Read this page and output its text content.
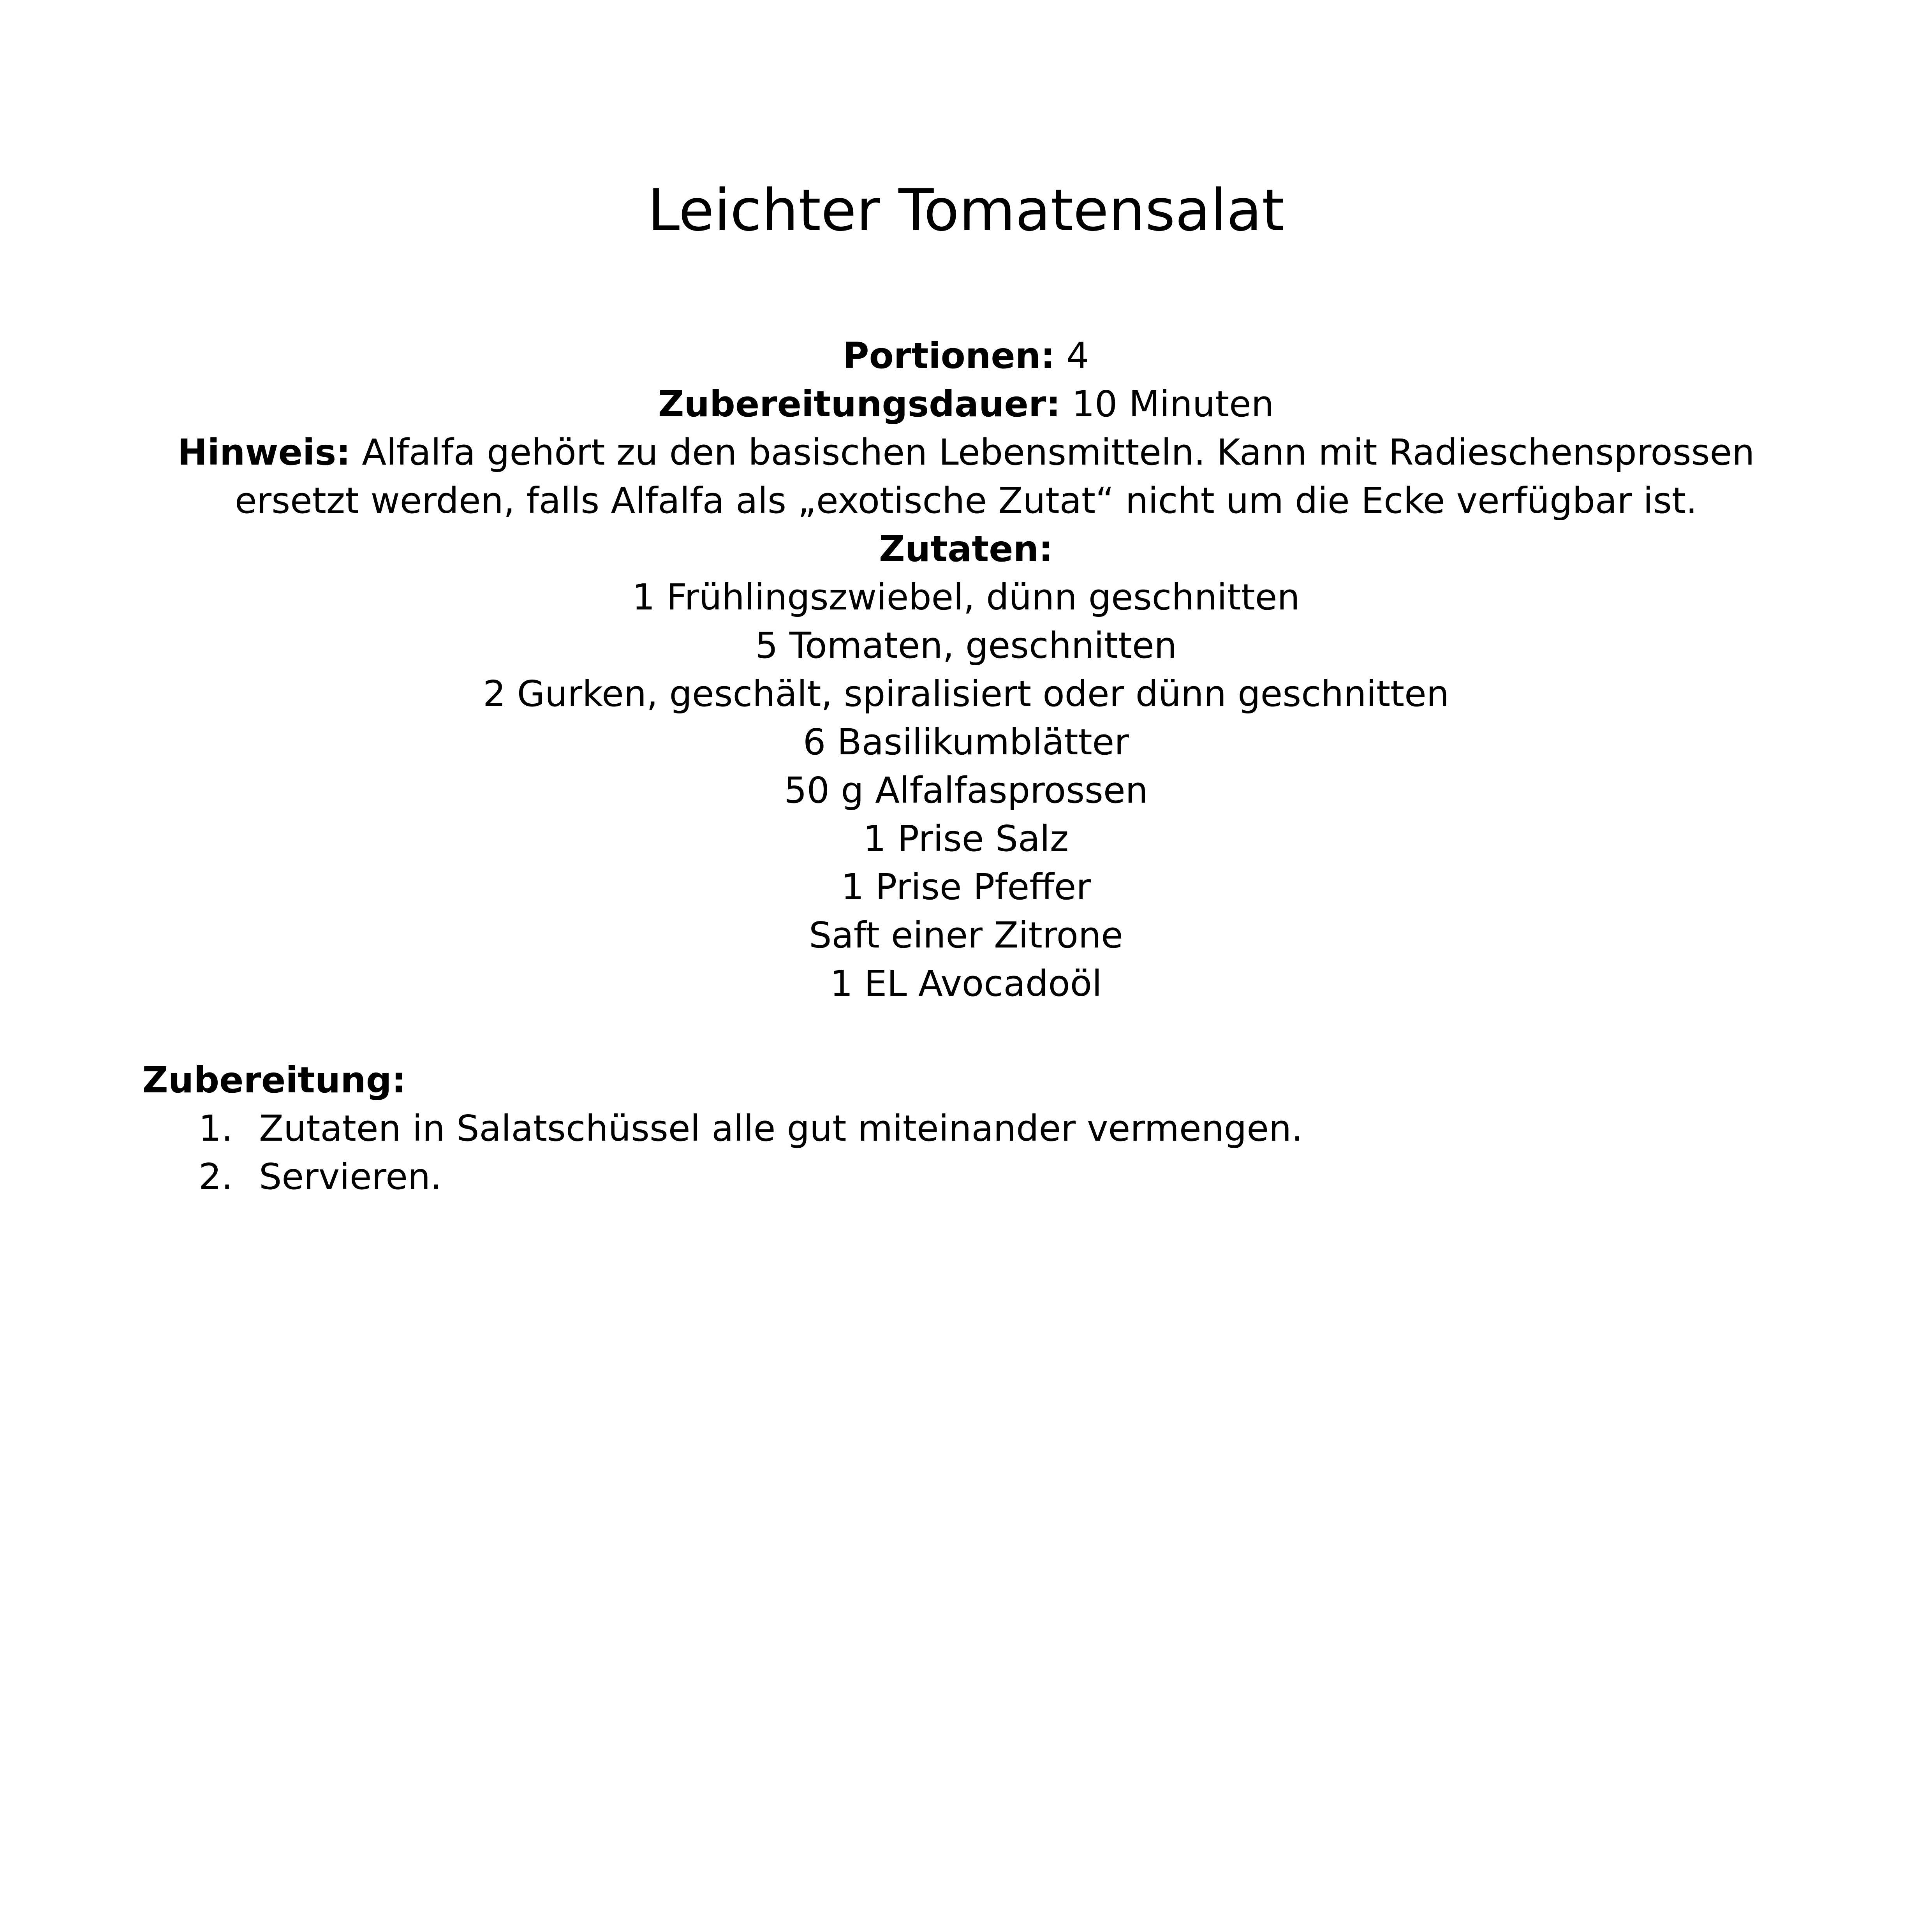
Leichter Tomatensalat

Portionen: 4

Zubereitungsdauer: 10 Minuten

Hinweis: Alfalfa gehört zu den basischen Lebensmitteln. Kann mit Radieschensprossen ersetzt werden, falls Alfalfa als „exotische Zutat“ nicht um die Ecke verfügbar ist.

Zutaten:

1 Frühlingszwiebel, dünn geschnitten
5 Tomaten, geschnitten
2 Gurken, geschält, spiralisiert oder dünn geschnitten
6 Basilikumblätter
50 g Alfalfasprossen
1 Prise Salz
1 Prise Pfeffer
Saft einer Zitrone
1 EL Avocadoöl

Zubereitung:

1. Zutaten in Salatschüssel alle gut miteinander vermengen.
2. Servieren.
